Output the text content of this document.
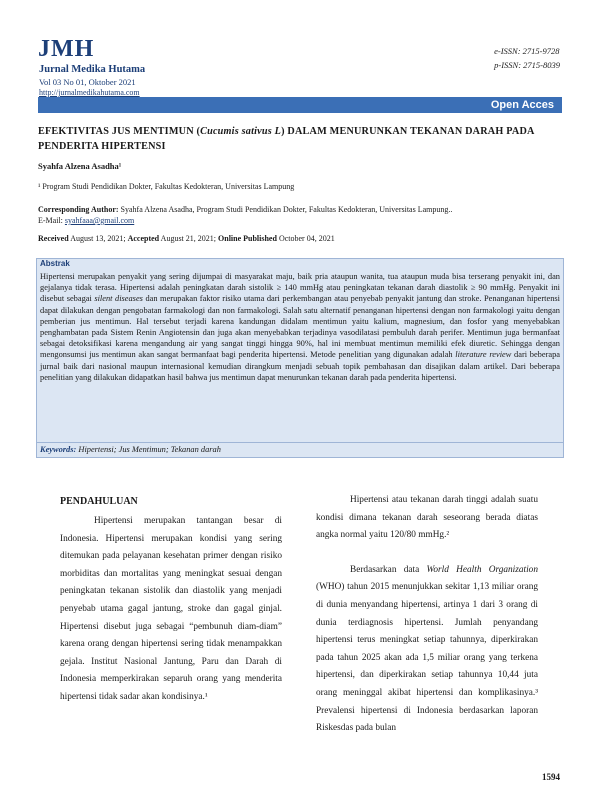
JMH
Jurnal Medika Hutama
Vol 03 No 01, Oktober 2021
http://jurnalmedikahutama.com
e-ISSN: 2715-9728
p-ISSN: 2715-8039
Open Acces
EFEKTIVITAS JUS MENTIMUN (Cucumis sativus L) DALAM MENURUNKAN TEKANAN DARAH PADA PENDERITA HIPERTENSI
Syahfa Alzena Asadha¹
¹ Program Studi Pendidikan Dokter, Fakultas Kedokteran, Universitas Lampung
Corresponding Author: Syahfa Alzena Asadha, Program Studi Pendidikan Dokter, Fakultas Kedokteran, Universitas Lampung..
E-Mail: syahfaaa@gmail.com
Received August 13, 2021; Accepted August 21, 2021; Online Published October 04, 2021
Abstrak
Hipertensi merupakan penyakit yang sering dijumpai di masyarakat maju, baik pria ataupun wanita, tua ataupun muda bisa terserang penyakit ini, dan gejalanya tidak terasa. Hipertensi adalah peningkatan darah sistolik ≥ 140 mmHg atau peningkatan tekanan darah diastolik ≥ 90 mmHg. Penyakit ini disebut sebagai silent diseases dan merupakan faktor risiko utama dari perkembangan atau penyebab penyakit jantung dan stroke. Penanganan hipertensi dapat dilakukan dengan pengobatan farmakologi dan non farmakologi. Salah satu alternatif penanganan hipertensi dengan non farmakologi yaitu dengan pemberian jus mentimun. Hal tersebut terjadi karena kandungan didalam mentimun yaitu kalium, magnesium, dan fosfor yang menyebabkan penghambatan pada Sistem Renin Angiotensin dan juga akan menyebabkan terjadinya vasodilatasi pembuluh darah perifer. Mentimun juga bermanfaat sebagai detoksifikasi karena mengandung air yang sangat tinggi hingga 90%, hal ini membuat mentimun memiliki efek diuretic. Sehingga dengan mengonsumsi jus mentimun akan sangat bermanfaat bagi penderita hipertensi. Metode penelitian yang digunakan adalah literature review dari beberapa jurnal baik dari nasional maupun internasional kemudian dirangkum menjadi sebuah topik pembahasan dan disajikan dalam artikel. Dari beberapa penelitian yang dilakukan didapatkan hasil bahwa jus mentimun dapat menurunkan tekanan darah pada penderita hipertensi.
Keywords: Hipertensi; Jus Mentimun; Tekanan darah
PENDAHULUAN

Hipertensi merupakan tantangan besar di Indonesia. Hipertensi merupakan kondisi yang sering ditemukan pada pelayanan kesehatan primer dengan risiko morbiditas dan mortalitas yang meningkat sesuai dengan peningkatan tekanan sistolik dan diastolik yang menjadi penyebab utama gagal jantung, stroke dan gagal ginjal. Hipertensi disebut juga sebagai “pembunuh diam-diam” karena orang dengan hipertensi sering tidak menampakkan gejala. Institut Nasional Jantung, Paru dan Darah di Indonesia memperkirakan separuh orang yang menderita hipertensi tidak sadar akan kondisinya.¹

Hipertensi atau tekanan darah tinggi adalah suatu kondisi dimana tekanan darah seseorang berada diatas angka normal yaitu 120/80 mmHg.²

Berdasarkan data World Health Organization (WHO) tahun 2015 menunjukkan sekitar 1,13 miliar orang di dunia menyandang hipertensi, artinya 1 dari 3 orang di dunia terdiagnosis hipertensi. Jumlah penyandang hipertensi terus meningkat setiap tahunnya, diperkirakan pada tahun 2025 akan ada 1,5 miliar orang yang terkena hipertensi, dan diperkirakan setiap tahunnya 10,44 juta orang meninggal akibat hipertensi dan komplikasinya.³ Prevalensi hipertensi di Indonesia berdasarkan laporan Riskesdas pada bulan

1594
